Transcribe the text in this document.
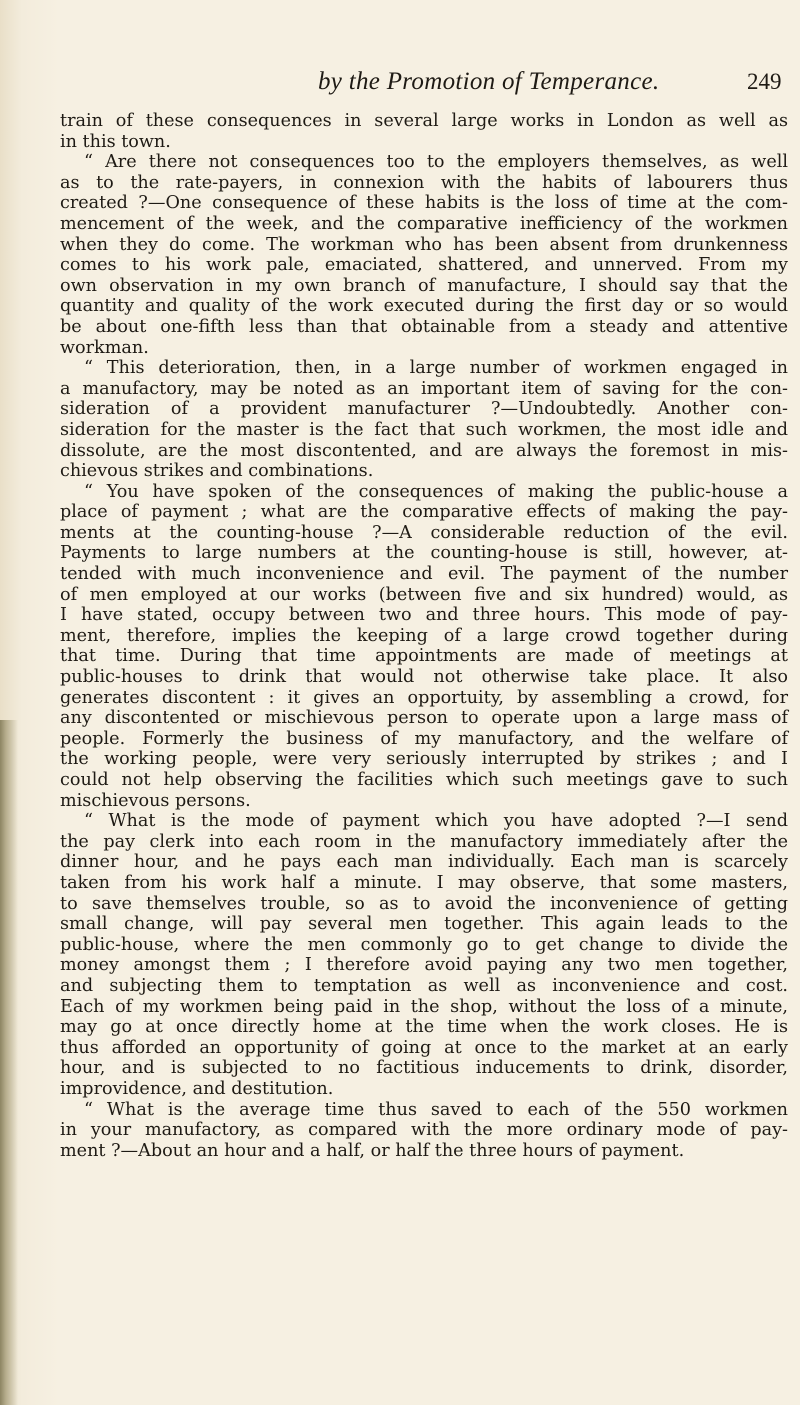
by the Promotion of Temperance.	249
train of these consequences in several large works in London as well as
in this town.
“ Are there not consequences too to the employers themselves, as well
as to the rate-payers, in connexion with the habits of labourers thus
created ?—One consequence of these habits is the loss of time at the com-
mencement of the week, and the comparative inefficiency of the workmen
when they do come. The workman who has been absent from drunkenness
comes to his work pale, emaciated, shattered, and unnerved. From my
own observation in my own branch of manufacture, I should say that the
quantity and quality of the work executed during the first day or so would
be about one-fifth less than that obtainable from a steady and attentive
workman.
“ This deterioration, then, in a large number of workmen engaged in
a manufactory, may be noted as an important item of saving for the con-
sideration of a provident manufacturer ?—Undoubtedly. Another con-
sideration for the master is the fact that such workmen, the most idle and
dissolute, are the most discontented, and are always the foremost in mis-
chievous strikes and combinations.
“ You have spoken of the consequences of making the public-house a
place of payment ; what are the comparative effects of making the pay-
ments at the counting-house ?—A considerable reduction of the evil.
Payments to large numbers at the counting-house is still, however, at-
tended with much inconvenience and evil. The payment of the number
of men employed at our works (between five and six hundred) would, as
I have stated, occupy between two and three hours. This mode of pay-
ment, therefore, implies the keeping of a large crowd together during
that time. During that time appointments are made of meetings at
public-houses to drink that would not otherwise take place. It also
generates discontent : it gives an opportuity, by assembling a crowd, for
any discontented or mischievous person to operate upon a large mass of
people. Formerly the business of my manufactory, and the welfare of
the working people, were very seriously interrupted by strikes ; and I
could not help observing the facilities which such meetings gave to such
mischievous persons.
“ What is the mode of payment which you have adopted ?—I send
the pay clerk into each room in the manufactory immediately after the
dinner hour, and he pays each man individually. Each man is scarcely
taken from his work half a minute. I may observe, that some masters,
to save themselves trouble, so as to avoid the inconvenience of getting
small change, will pay several men together. This again leads to the
public-house, where the men commonly go to get change to divide the
money amongst them ; I therefore avoid paying any two men together,
and subjecting them to temptation as well as inconvenience and cost.
Each of my workmen being paid in the shop, without the loss of a minute,
may go at once directly home at the time when the work closes. He is
thus afforded an opportunity of going at once to the market at an early
hour, and is subjected to no factitious inducements to drink, disorder,
improvidence, and destitution.
“ What is the average time thus saved to each of the 550 workmen
in your manufactory, as compared with the more ordinary mode of pay-
ment ?—About an hour and a half, or half the three hours of payment.
